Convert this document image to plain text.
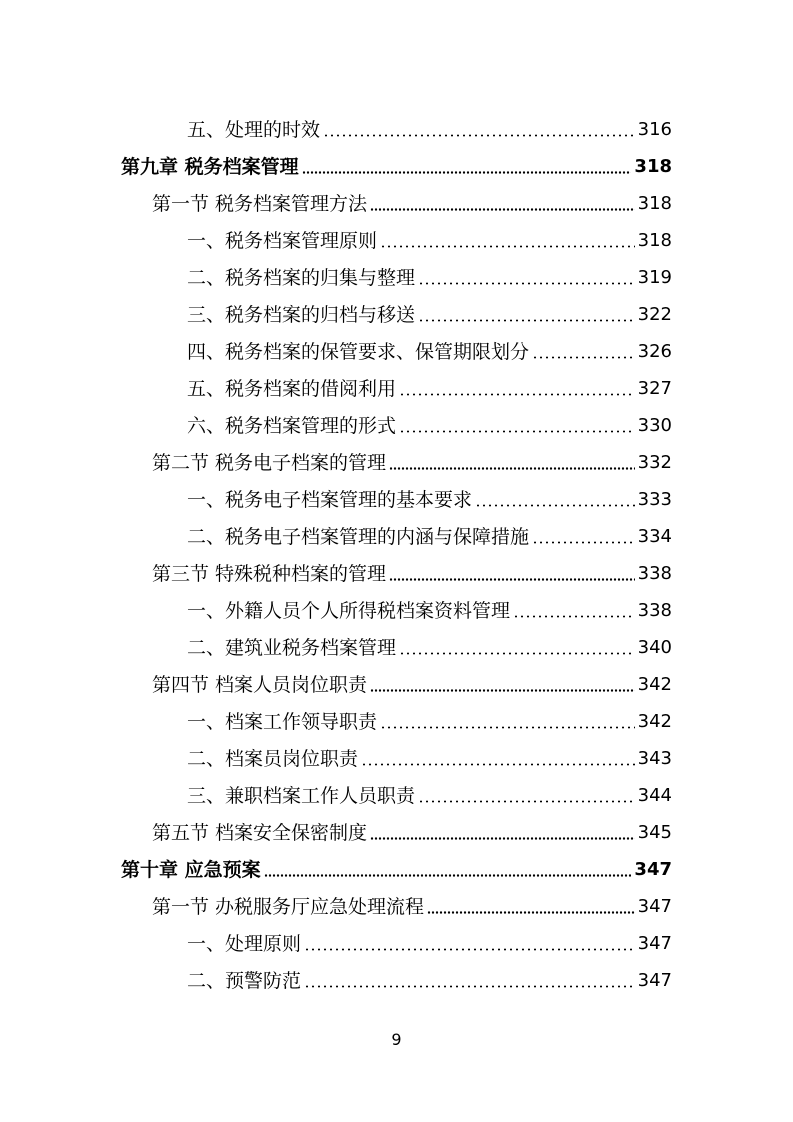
五、处理的时效	316
第九章 税务档案管理	318
第一节 税务档案管理方法	318
一、税务档案管理原则	318
二、税务档案的归集与整理	319
三、税务档案的归档与移送	322
四、税务档案的保管要求、保管期限划分	326
五、税务档案的借阅利用	327
六、税务档案管理的形式	330
第二节 税务电子档案的管理	332
一、税务电子档案管理的基本要求	333
二、税务电子档案管理的内涵与保障措施	334
第三节 特殊税种档案的管理	338
一、外籍人员个人所得税档案资料管理	338
二、建筑业税务档案管理	340
第四节 档案人员岗位职责	342
一、档案工作领导职责	342
二、档案员岗位职责	343
三、兼职档案工作人员职责	344
第五节 档案安全保密制度	345
第十章 应急预案	347
第一节 办税服务厅应急处理流程	347
一、处理原则	347
二、预警防范	347
9
